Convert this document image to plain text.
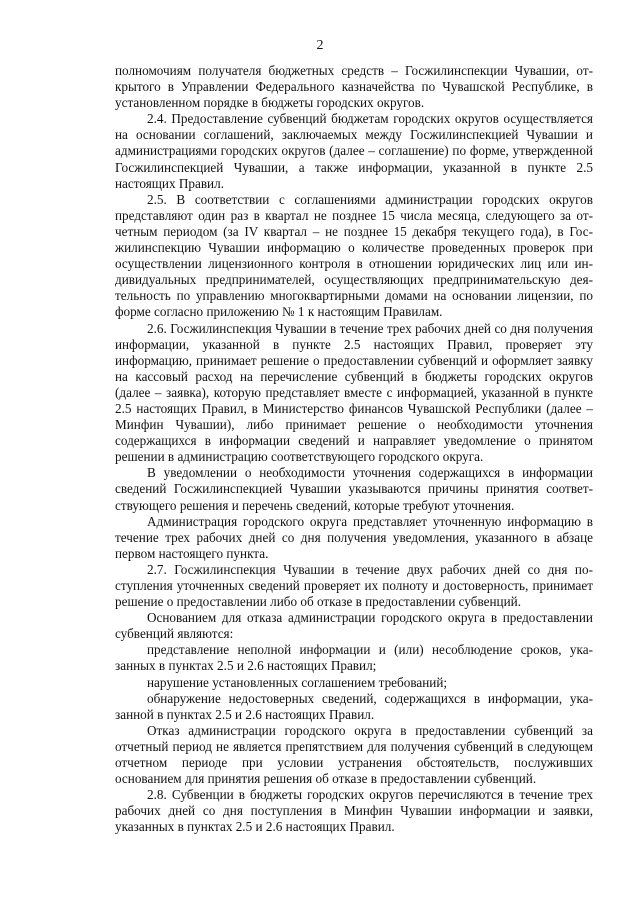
2

полномочиям получателя бюджетных средств – Госжилинспекции Чувашии, открытого в Управлении Федерального казначейства по Чувашской Республике, в установленном порядке в бюджеты городских округов.

2.4. Предоставление субвенций бюджетам городских округов осуществляется на основании соглашений, заключаемых между Госжилинспекцией Чувашии и администрациями городских округов (далее – соглашение) по форме, утвержденной Госжилинспекцией Чувашии, а также информации, указанной в пункте 2.5 настоящих Правил.

2.5. В соответствии с соглашениями администрации городских округов представляют один раз в квартал не позднее 15 числа месяца, следующего за отчетным периодом (за IV квартал – не позднее 15 декабря текущего года), в Госжилинспекцию Чувашии информацию о количестве проведенных проверок при осуществлении лицензионного контроля в отношении юридических лиц или индивидуальных предпринимателей, осуществляющих предпринимательскую деятельность по управлению многоквартирными домами на основании лицензии, по форме согласно приложению № 1 к настоящим Правилам.

2.6. Госжилинспекция Чувашии в течение трех рабочих дней со дня получения информации, указанной в пункте 2.5 настоящих Правил, проверяет эту информацию, принимает решение о предоставлении субвенций и оформляет заявку на кассовый расход на перечисление субвенций в бюджеты городских округов (далее – заявка), которую представляет вместе с информацией, указанной в пункте 2.5 настоящих Правил, в Министерство финансов Чувашской Республики (далее – Минфин Чувашии), либо принимает решение о необходимости уточнения содержащихся в информации сведений и направляет уведомление о принятом решении в администрацию соответствующего городского округа.

В уведомлении о необходимости уточнения содержащихся в информации сведений Госжилинспекцией Чувашии указываются причины принятия соответствующего решения и перечень сведений, которые требуют уточнения.

Администрация городского округа представляет уточненную информацию в течение трех рабочих дней со дня получения уведомления, указанного в абзаце первом настоящего пункта.

2.7. Госжилинспекция Чувашии в течение двух рабочих дней со дня поступления уточненных сведений проверяет их полноту и достоверность, принимает решение о предоставлении либо об отказе в предоставлении субвенций.

Основанием для отказа администрации городского округа в предоставлении субвенций являются:

представление неполной информации и (или) несоблюдение сроков, указанных в пунктах 2.5 и 2.6 настоящих Правил;

нарушение установленных соглашением требований;

обнаружение недостоверных сведений, содержащихся в информации, указанной в пунктах 2.5 и 2.6 настоящих Правил.

Отказ администрации городского округа в предоставлении субвенций за отчетный период не является препятствием для получения субвенций в следующем отчетном периоде при условии устранения обстоятельств, послуживших основанием для принятия решения об отказе в предоставлении субвенций.

2.8. Субвенции в бюджеты городских округов перечисляются в течение трех рабочих дней со дня поступления в Минфин Чувашии информации и заявки, указанных в пунктах 2.5 и 2.6 настоящих Правил.
